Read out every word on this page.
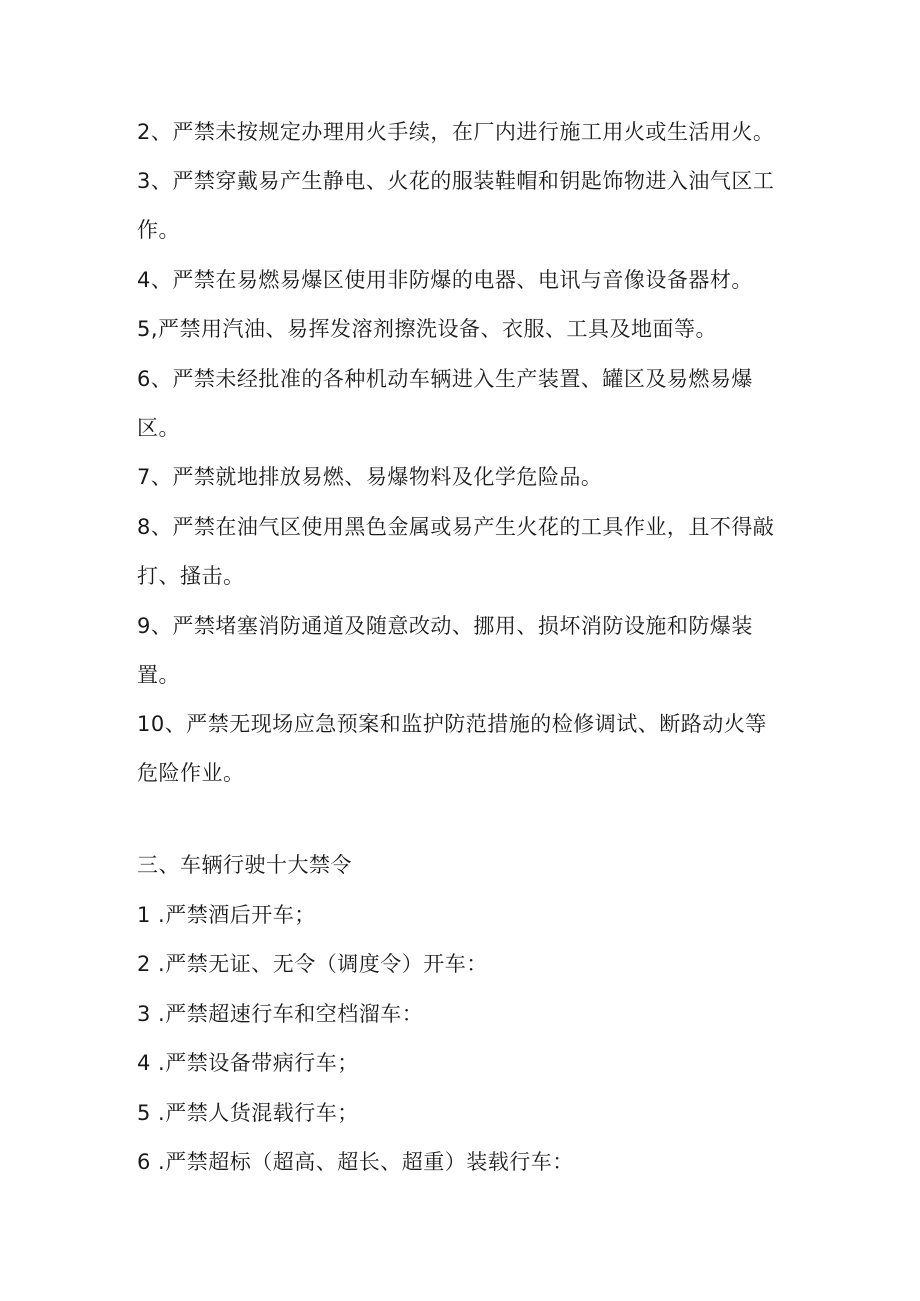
2、严禁未按规定办理用火手续，在厂内进行施工用火或生活用火。
3、严禁穿戴易产生静电、火花的服装鞋帽和钥匙饰物进入油气区工
作。
4、严禁在易燃易爆区使用非防爆的电器、电讯与音像设备器材。
5,严禁用汽油、易挥发溶剂擦洗设备、衣服、工具及地面等。
6、严禁未经批准的各种机动车辆进入生产装置、罐区及易燃易爆
区。
7、严禁就地排放易燃、易爆物料及化学危险品。
8、严禁在油气区使用黑色金属或易产生火花的工具作业，且不得敲
打、搔击。
9、严禁堵塞消防通道及随意改动、挪用、损坏消防设施和防爆装
置。
10、严禁无现场应急预案和监护防范措施的检修调试、断路动火等
危险作业。
三、车辆行驶十大禁令
1 .严禁酒后开车；
2 .严禁无证、无令（调度令）开车：
3 .严禁超速行车和空档溜车：
4 .严禁设备带病行车；
5 .严禁人货混载行车；
6 .严禁超标（超高、超长、超重）装载行车：
